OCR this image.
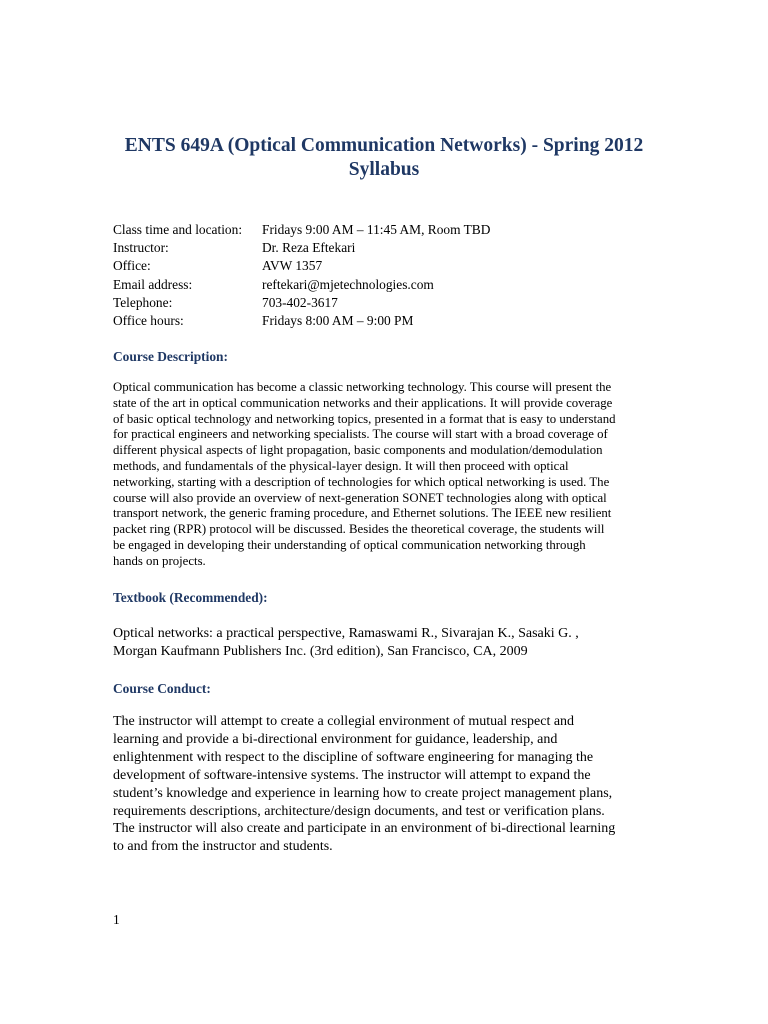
ENTS 649A (Optical Communication Networks) - Spring 2012
Syllabus
Class time and location:	Fridays 9:00 AM – 11:45 AM, Room TBD
Instructor:	Dr. Reza Eftekari
Office:	AVW 1357
Email address:	reftekari@mjetechnologies.com
Telephone:	703-402-3617
Office hours:	Fridays 8:00 AM – 9:00 PM
Course Description:

Optical communication has become a classic networking technology. This course will present the
state of the art in optical communication networks and their applications. It will provide coverage
of basic optical technology and networking topics, presented in a format that is easy to understand
for practical engineers and networking specialists. The course will start with a broad coverage of
different physical aspects of light propagation, basic components and modulation/demodulation
methods, and fundamentals of the physical-layer design. It will then proceed with optical
networking, starting with a description of technologies for which optical networking is used. The
course will also provide an overview of next-generation SONET technologies along with optical
transport network, the generic framing procedure, and Ethernet solutions. The IEEE new resilient
packet ring (RPR) protocol will be discussed. Besides the theoretical coverage, the students will
be engaged in developing their understanding of optical communication networking through
hands on projects.

Textbook (Recommended):

Optical networks: a practical perspective, Ramaswami R., Sivarajan K., Sasaki G. ,
Morgan Kaufmann Publishers Inc. (3rd edition), San Francisco, CA, 2009

Course Conduct:

The instructor will attempt to create a collegial environment of mutual respect and
learning and provide a bi-directional environment for guidance, leadership, and
enlightenment with respect to the discipline of software engineering for managing the
development of software-intensive systems. The instructor will attempt to expand the
student’s knowledge and experience in learning how to create project management plans,
requirements descriptions, architecture/design documents, and test or verification plans.
The instructor will also create and participate in an environment of bi-directional learning
to and from the instructor and students.

1
